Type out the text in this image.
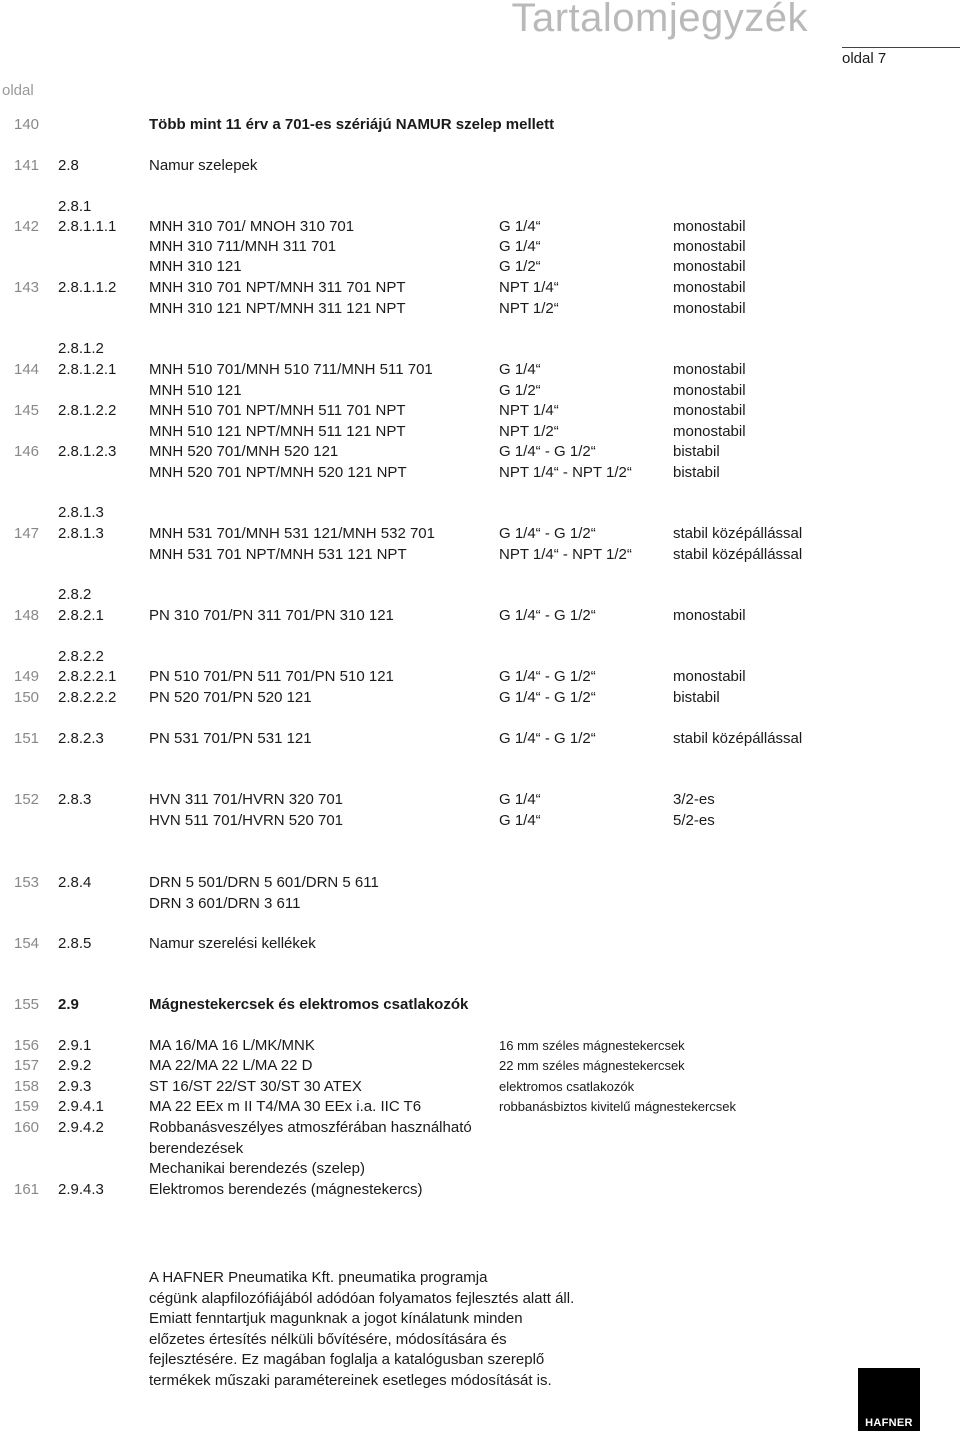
Tartalomjegyzék
oldal 7
oldal
140	Több mint 11 érv a 701-es szériájú NAMUR szelep mellett
141 2.8	Namur szelepek
2.8.1
142 2.8.1.1.1 MNH 310 701/ MNOH 310 701	G 1/4“	monostabil
MNH 310 711/MNH 311 701	G 1/4“	monostabil
MNH 310 121	G 1/2“	monostabil
143 2.8.1.1.2 MNH 310 701 NPT/MNH 311 701 NPT	NPT 1/4“	monostabil
MNH 310 121 NPT/MNH 311 121 NPT	NPT 1/2“	monostabil
2.8.1.2
144 2.8.1.2.1 MNH 510 701/MNH 510 711/MNH 511 701	G 1/4“	monostabil
MNH 510 121	G 1/2“	monostabil
145 2.8.1.2.2 MNH 510 701 NPT/MNH 511 701 NPT	NPT 1/4“	monostabil
MNH 510 121 NPT/MNH 511 121 NPT	NPT 1/2“	monostabil
146 2.8.1.2.3 MNH 520 701/MNH 520 121	G 1/4“ - G 1/2“	bistabil
MNH 520 701 NPT/MNH 520 121 NPT	NPT 1/4“ - NPT 1/2“	bistabil
2.8.1.3
147 2.8.1.3	MNH 531 701/MNH 531 121/MNH 532 701	G 1/4“ - G 1/2“	stabil középállással
MNH 531 701 NPT/MNH 531 121 NPT	NPT 1/4“ - NPT 1/2“	stabil középállással
2.8.2
148 2.8.2.1	PN 310 701/PN 311 701/PN 310 121	G 1/4“ - G 1/2“	monostabil
2.8.2.2
149 2.8.2.2.1 PN 510 701/PN 511 701/PN 510 121	G 1/4“ - G 1/2“	monostabil
150 2.8.2.2.2 PN 520 701/PN 520 121	G 1/4“ - G 1/2“	bistabil
151 2.8.2.3	PN 531 701/PN 531 121	G 1/4“ - G 1/2“	stabil középállással
152 2.8.3	HVN 311 701/HVRN 320 701	G 1/4“	3/2-es
HVN 511 701/HVRN 520 701	G 1/4“	5/2-es
153 2.8.4	DRN 5 501/DRN 5 601/DRN 5 611
DRN 3 601/DRN 3 611
154 2.8.5	Namur szerelési kellékek
155 2.9	Mágnestekercsek és elektromos csatlakozók
156 2.9.1	MA 16/MA 16 L/MK/MNK	16 mm széles mágnestekercsek
157 2.9.2	MA 22/MA 22 L/MA 22 D	22 mm széles mágnestekercsek
158 2.9.3	ST 16/ST 22/ST 30/ST 30 ATEX	elektromos csatlakozók
159 2.9.4.1	MA 22 EEx m II T4/MA 30 EEx i.a. IIC T6	robbanásbiztos kivitelű mágnestekercsek
160 2.9.4.2	Robbanásveszélyes atmoszférában használható
berendezések
Mechanikai berendezés (szelep)
161 2.9.4.3	Elektromos berendezés (mágnestekercs)
A HAFNER Pneumatika Kft. pneumatika programja
cégünk alapfilozófiájából adódóan folyamatos fejlesztés alatt áll.
Emiatt fenntartjuk magunknak a jogot kínálatunk minden
előzetes értesítés nélküli bővítésére, módosítására és
fejlesztésére. Ez magában foglalja a katalógusban szereplő
termékek műszaki paramétereinek esetleges módosítását is.
HAFNER
